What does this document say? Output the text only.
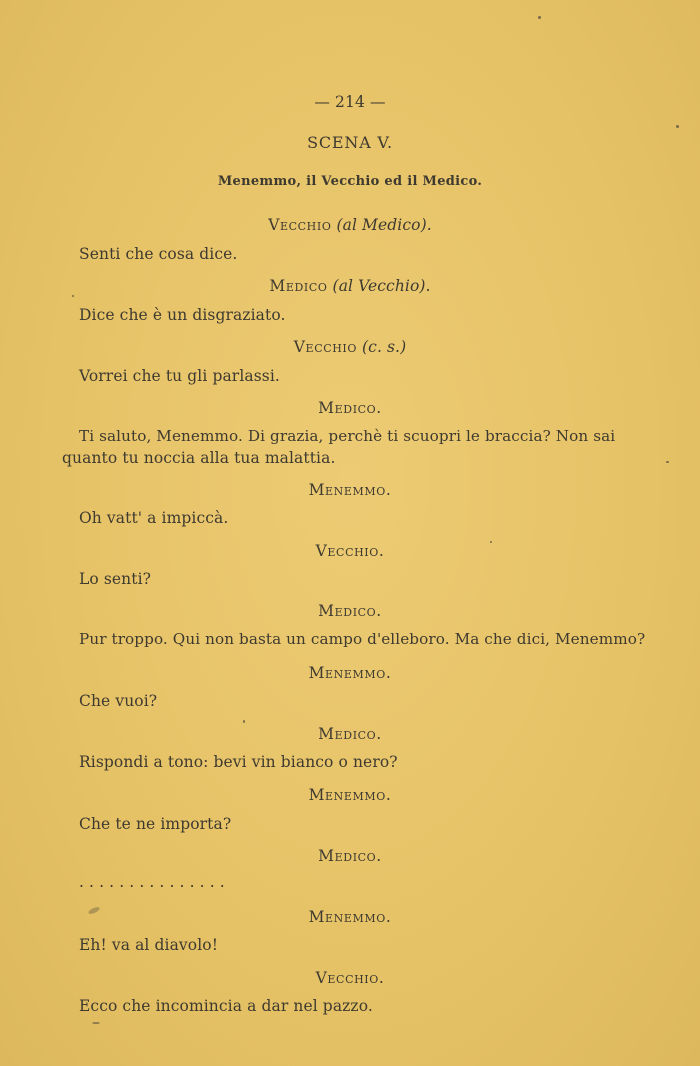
— 214 —
SCENA V.
Menemmo, il Vecchio ed il Medico.
Vecchio (al Medico).
Senti che cosa dice.
Medico (al Vecchio).
Dice che è un disgraziato.
Vecchio (c. s.)
Vorrei che tu gli parlassi.
Medico.
Ti saluto, Menemmo. Di grazia, perchè ti scuopri le braccia? Non sai
quanto tu noccia alla tua malattia.
Menemmo.
Oh vatt' a impiccà.
Vecchio.
Lo senti?
Medico.
Pur troppo. Qui non basta un campo d'elleboro. Ma che dici, Menemmo?
Menemmo.
Che vuoi?
Medico.
Rispondi a tono: bevi vin bianco o nero?
Menemmo.
Che te ne importa?
Medico.
. . . . . . . . . . . . . . .
Menemmo.
Eh! va al diavolo!
Vecchio.
Ecco che incomincia a dar nel pazzo.
